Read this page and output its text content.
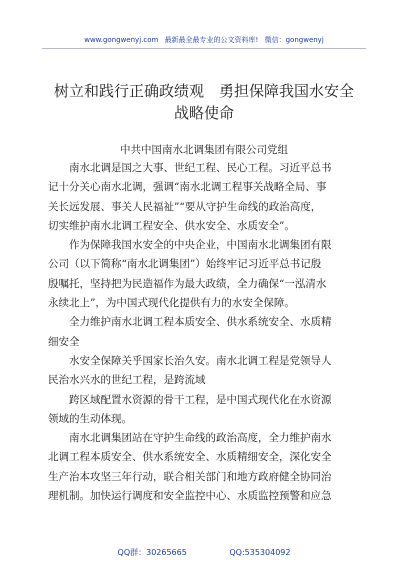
www.gongwenyj.com 最新最全最专业的公文资料库! 微信：gongwenyj
树立和践行正确政绩观　勇担保障我国水安全
战略使命
中共中国南水北调集团有限公司党组
南水北调是国之大事、世纪工程、民心工程。习近平总书
记十分关心南水北调，强调“南水北调工程事关战略全局、事
关长远发展、事关人民福祉”“要从守护生命线的政治高度，
切实维护南水北调工程安全、供水安全、水质安全”。
作为保障我国水安全的中央企业，中国南水北调集团有限
公司（以下简称“南水北调集团”）始终牢记习近平总书记殷
殷嘱托，坚持把为民造福作为最大政绩，全力确保“一泓清水
永续北上”，为中国式现代化提供有力的水安全保障。
全力维护南水北调工程本质安全、供水系统安全、水质精
细安全
水安全保障关乎国家长治久安。南水北调工程是党领导人
民治水兴水的世纪工程，是跨流域
跨区域配置水资源的骨干工程，是中国式现代化在水资源
领域的生动体现。
南水北调集团站在守护生命线的政治高度，全力维护南水
北调工程本质安全、供水系统安全、水质精细安全，深化安全
生产治本攻坚三年行动，联合相关部门和地方政府健全协同治
理机制。加快运行调度和安全监控中心、水质监控预警和应急
QQ群：30265665	QQ:535304092
